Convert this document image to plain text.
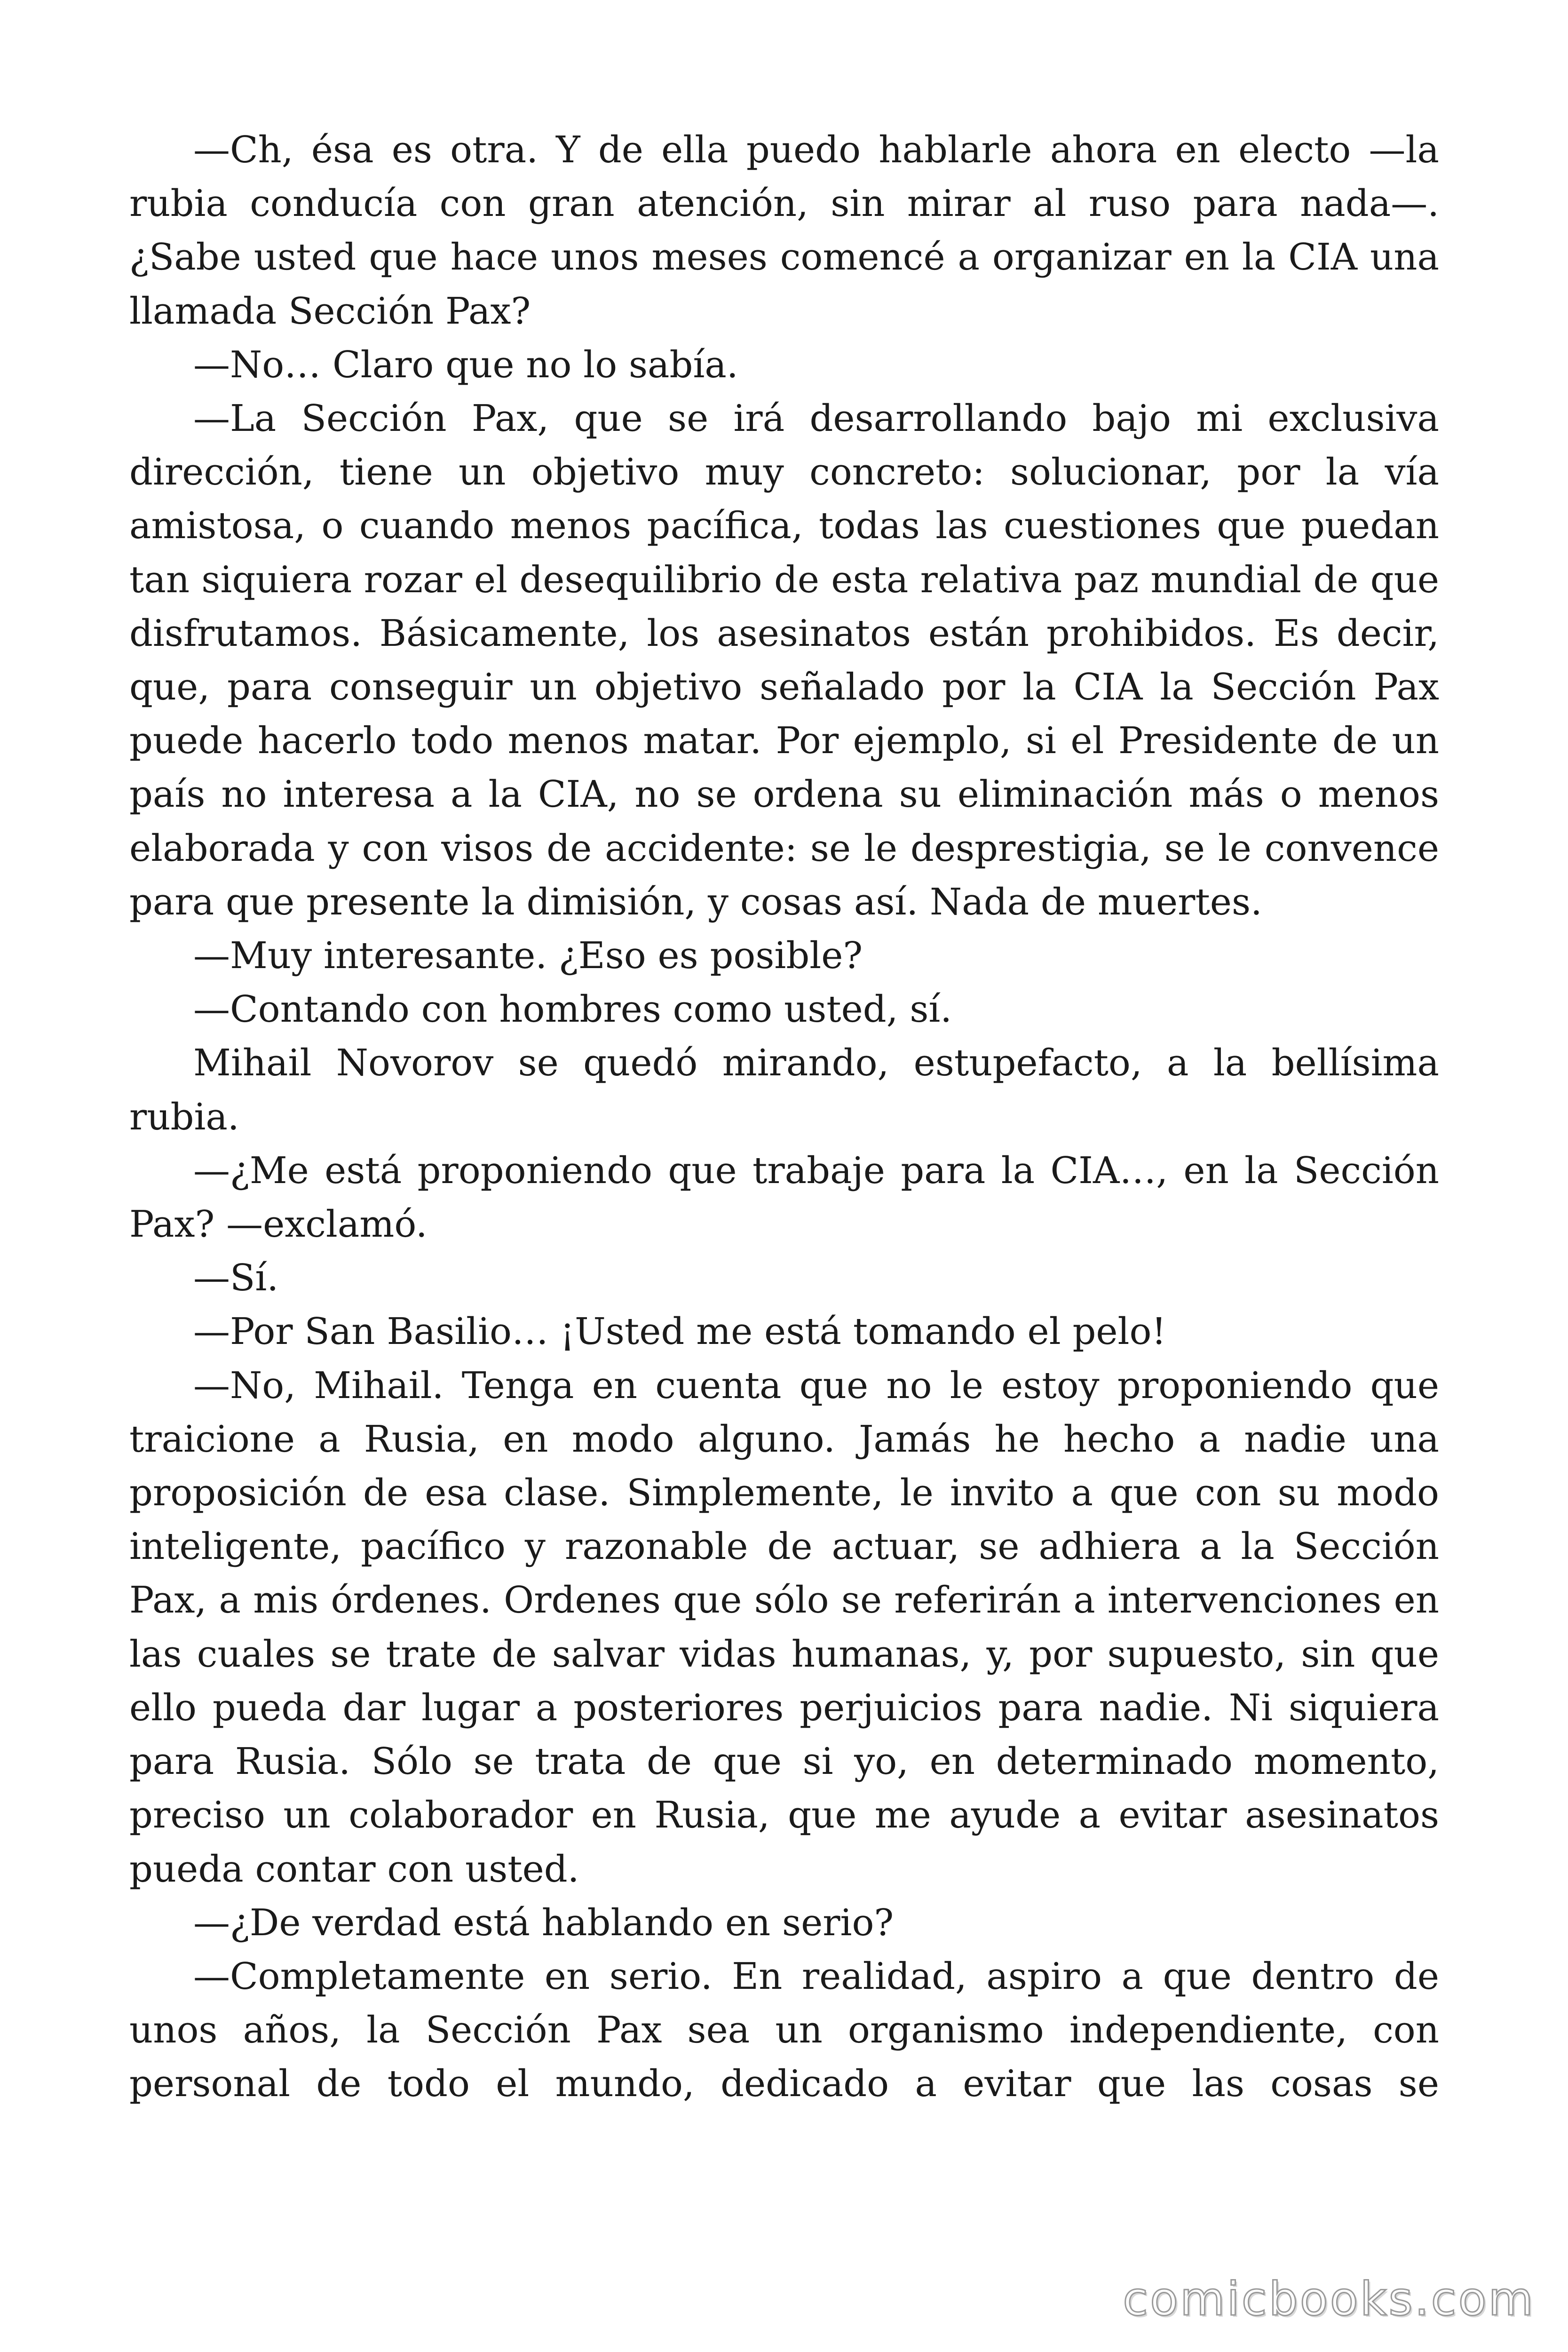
—Ch, ésa es otra. Y de ella puedo hablarle ahora en electo —la rubia conducía con gran atención, sin mirar al ruso para nada—. ¿Sabe usted que hace unos meses comencé a organizar en la CIA una llamada Sección Pax?

—No… Claro que no lo sabía.

—La Sección Pax, que se irá desarrollando bajo mi exclusiva dirección, tiene un objetivo muy concreto: solucionar, por la vía amistosa, o cuando menos pacífica, todas las cuestiones que puedan tan siquiera rozar el desequilibrio de esta relativa paz mundial de que disfrutamos. Básicamente, los asesinatos están prohibidos. Es decir, que, para conseguir un objetivo señalado por la CIA la Sección Pax puede hacerlo todo menos matar. Por ejemplo, si el Presidente de un país no interesa a la CIA, no se ordena su eliminación más o menos elaborada y con visos de accidente: se le desprestigia, se le convence para que presente la dimisión, y cosas así. Nada de muertes.

—Muy interesante. ¿Eso es posible?

—Contando con hombres como usted, sí.

Mihail Novorov se quedó mirando, estupefacto, a la bellísima rubia.

—¿Me está proponiendo que trabaje para la CIA…, en la Sección Pax? —exclamó.

—Sí.

—Por San Basilio… ¡Usted me está tomando el pelo!

—No, Mihail. Tenga en cuenta que no le estoy proponiendo que traicione a Rusia, en modo alguno. Jamás he hecho a nadie una proposición de esa clase. Simplemente, le invito a que con su modo inteligente, pacífico y razonable de actuar, se adhiera a la Sección Pax, a mis órdenes. Ordenes que sólo se referirán a intervenciones en las cuales se trate de salvar vidas humanas, y, por supuesto, sin que ello pueda dar lugar a posteriores perjuicios para nadie. Ni siquiera para Rusia. Sólo se trata de que si yo, en determinado momento, preciso un colaborador en Rusia, que me ayude a evitar asesinatos pueda contar con usted.

—¿De verdad está hablando en serio?

—Completamente en serio. En realidad, aspiro a que dentro de unos años, la Sección Pax sea un organismo independiente, con personal de todo el mundo, dedicado a evitar que las cosas se

comicbooks.com
